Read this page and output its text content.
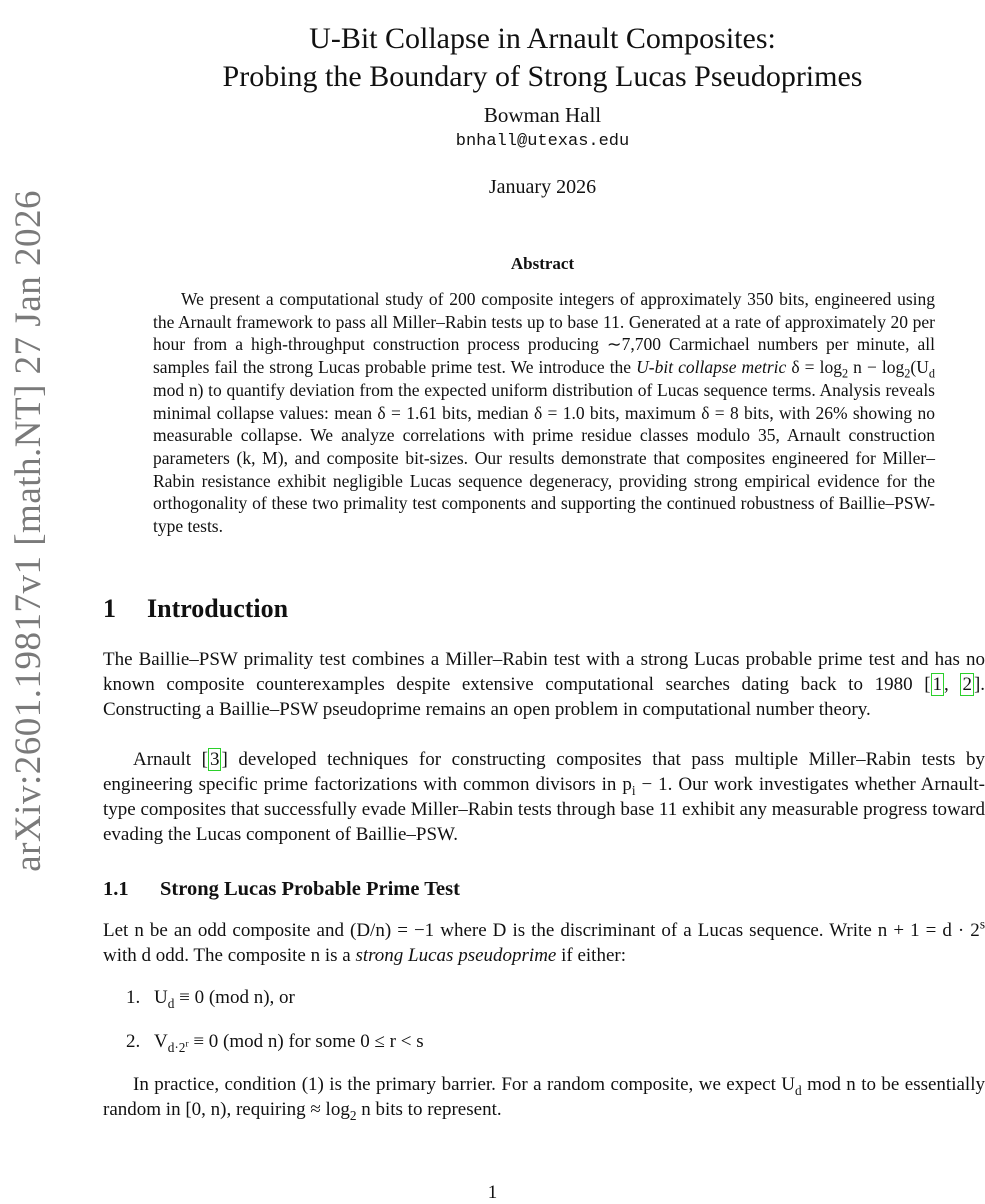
arXiv:2601.19817v1 [math.NT] 27 Jan 2026
U-Bit Collapse in Arnault Composites:
Probing the Boundary of Strong Lucas Pseudoprimes
Bowman Hall
bnhall@utexas.edu
January 2026
Abstract

We present a computational study of 200 composite integers of approximately 350 bits, engineered using the Arnault framework to pass all Miller–Rabin tests up to base 11. Generated at a rate of approximately 20 per hour from a high-throughput construction process producing ∼7,700 Carmichael numbers per minute, all samples fail the strong Lucas probable prime test. We introduce the U-bit collapse metric $\delta = \log_2 n - \log_2(U_d$ mod n) to quantify deviation from the expected uniform distribution of Lucas sequence terms. Analysis reveals minimal collapse values: mean δ = 1.61 bits, median δ = 1.0 bits, maximum δ = 8 bits, with 26% showing no measurable collapse. We analyze correlations with prime residue classes modulo 35, Arnault construction parameters (k, M), and composite bit-sizes. Our results demonstrate that composites engineered for Miller–Rabin resistance exhibit negligible Lucas sequence degeneracy, providing strong empirical evidence for the orthogonality of these two primality test components and supporting the continued robustness of Baillie–PSW-type tests.

1 Introduction

The Baillie–PSW primality test combines a Miller–Rabin test with a strong Lucas probable prime test and has no known composite counterexamples despite extensive computational searches dating back to 1980 [ 1 , 2 ]. Constructing a Baillie–PSW pseudoprime remains an open problem in computational number theory.

Arnault [ 3 ] developed techniques for constructing composites that pass multiple Miller–Rabin tests by engineering specific prime factorizations with common divisors in $p_i - 1$. Our work investigates whether Arnault-type composites that successfully evade Miller–Rabin tests through base 11 exhibit any measurable progress toward evading the Lucas component of Baillie–PSW.

1.1 Strong Lucas Probable Prime Test

Let n be an odd composite and (D/n) = −1 where D is the discriminant of a Lucas sequence. Write $n + 1 = d \cdot 2^s$ with d odd. The composite n is a strong Lucas pseudoprime if either:

1. $U_d \equiv 0$ (mod n), or
2. $V_{d\cdot 2^r} \equiv 0$ (mod n) for some 0 ≤ r < s

In practice, condition (1) is the primary barrier. For a random composite, we expect $U_d$ mod n to be essentially random in [0, n), requiring ≈ $\log_2 n$ bits to represent.

1
